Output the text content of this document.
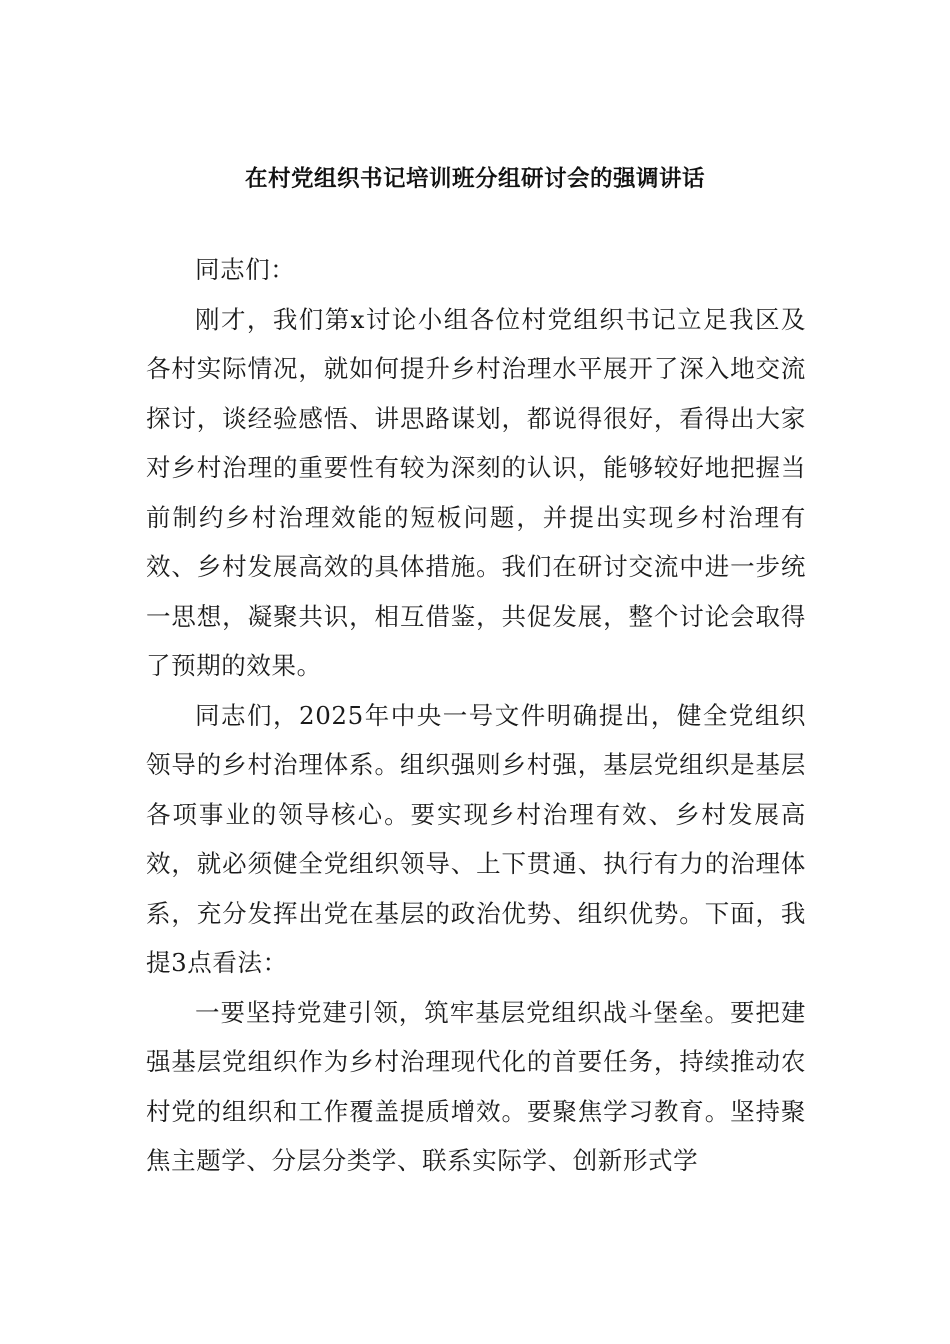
在村党组织书记培训班分组研讨会的强调讲话

同志们：

刚才，我们第x讨论小组各位村党组织书记立足我区及各村实际情况，就如何提升乡村治理水平展开了深入地交流探讨，谈经验感悟、讲思路谋划，都说得很好，看得出大家对乡村治理的重要性有较为深刻的认识，能够较好地把握当前制约乡村治理效能的短板问题，并提出实现乡村治理有效、乡村发展高效的具体措施。我们在研讨交流中进一步统一思想，凝聚共识，相互借鉴，共促发展，整个讨论会取得了预期的效果。

同志们，2025年中央一号文件明确提出，健全党组织领导的乡村治理体系。组织强则乡村强，基层党组织是基层各项事业的领导核心。要实现乡村治理有效、乡村发展高效，就必须健全党组织领导、上下贯通、执行有力的治理体系，充分发挥出党在基层的政治优势、组织优势。下面，我提3点看法：

一要坚持党建引领，筑牢基层党组织战斗堡垒。要把建强基层党组织作为乡村治理现代化的首要任务，持续推动农村党的组织和工作覆盖提质增效。要聚焦学习教育。坚持聚焦主题学、分层分类学、联系实际学、创新形式学
